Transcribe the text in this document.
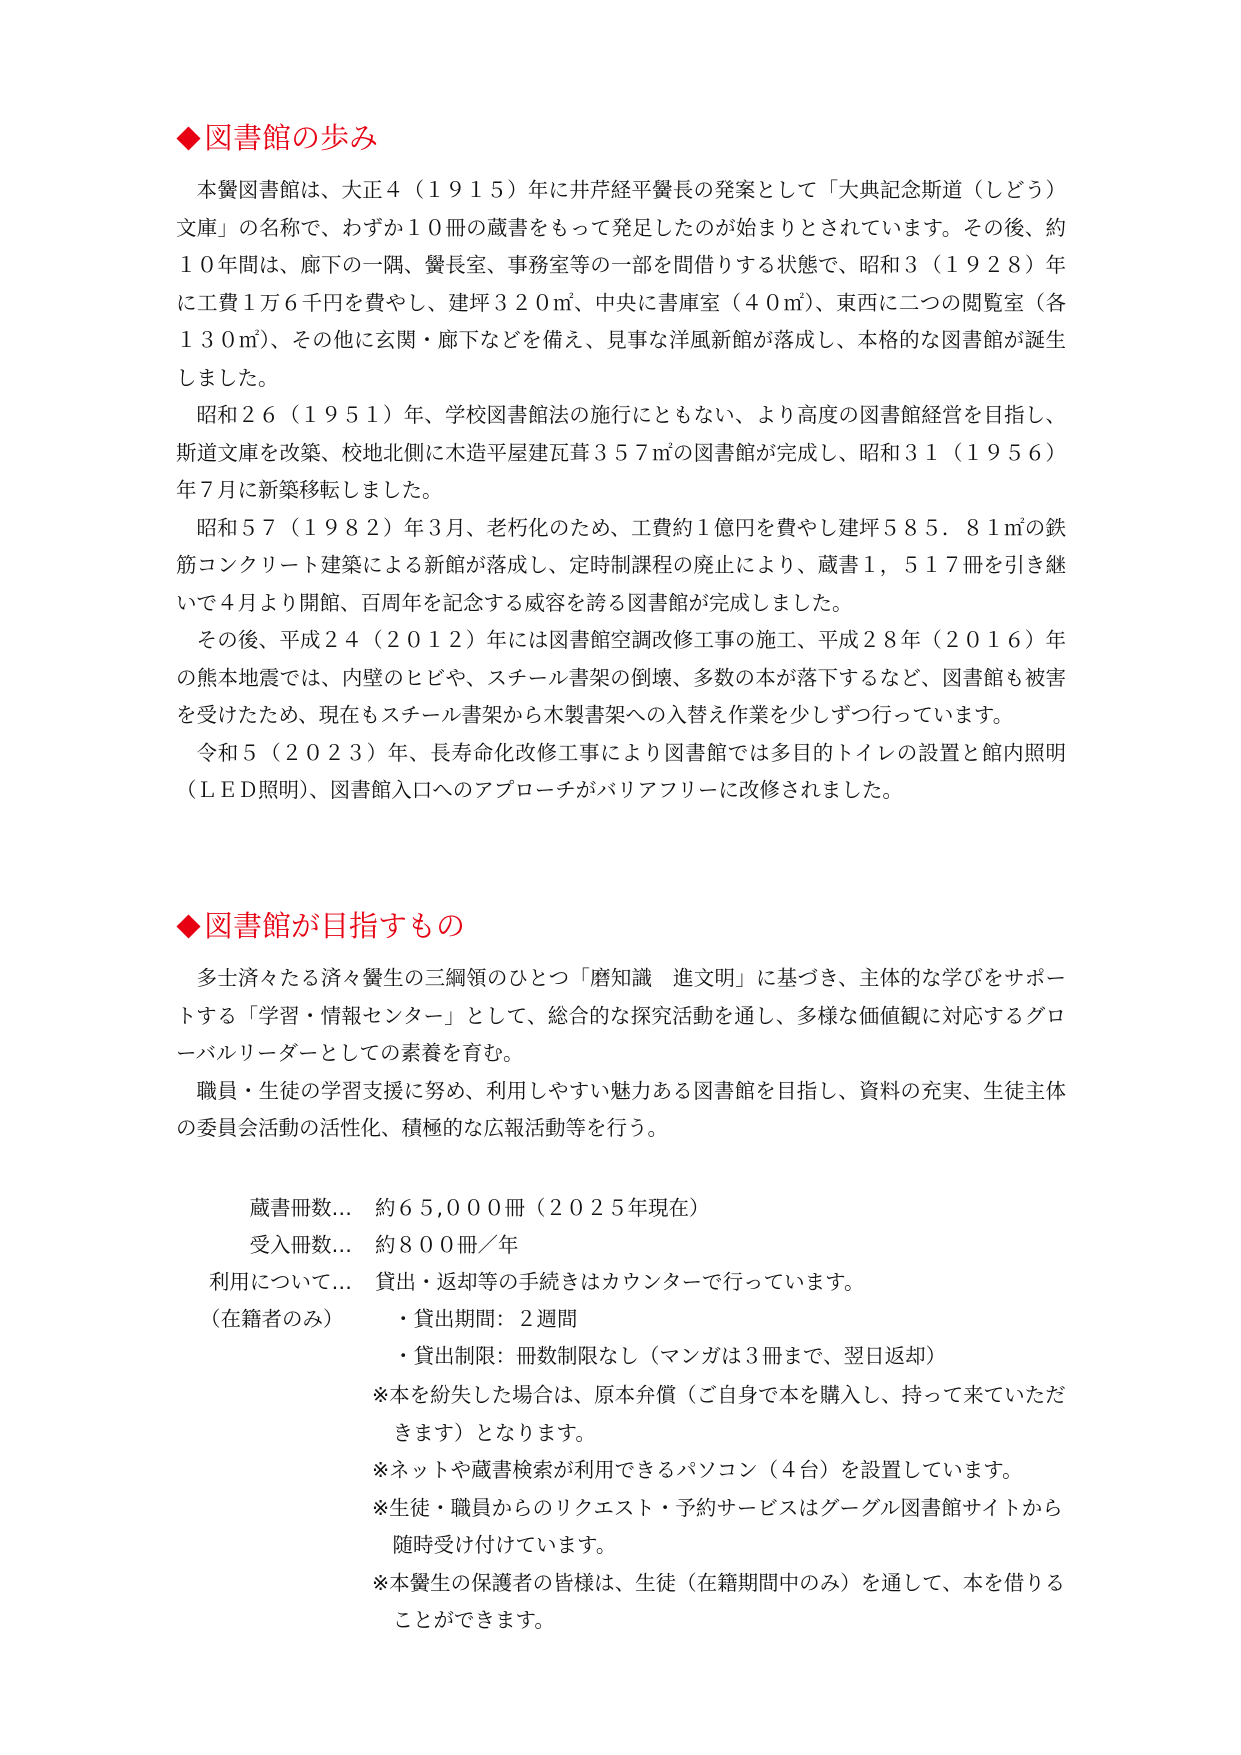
図書館の歩み

本黌図書館は、大正４（１９１５）年に井芹経平黌長の発案として「大典記念斯道（しどう）文庫」の名称で、わずか１０冊の蔵書をもって発足したのが始まりとされています。その後、約１０年間は、廊下の一隅、黌長室、事務室等の一部を間借りする状態で、昭和３（１９２８）年に工費１万６千円を費やし、建坪３２０㎡、中央に書庫室（４０㎡）、東西に二つの閲覧室（各１３０㎡）、その他に玄関・廊下などを備え、見事な洋風新館が落成し、本格的な図書館が誕生しました。

昭和２６（１９５１）年、学校図書館法の施行にともない、より高度の図書館経営を目指し、斯道文庫を改築、校地北側に木造平屋建瓦葺３５７㎡の図書館が完成し、昭和３１（１９５６）年７月に新築移転しました。

昭和５７（１９８２）年３月、老朽化のため、工費約１億円を費やし建坪５８５．８１㎡の鉄筋コンクリート建築による新館が落成し、定時制課程の廃止により、蔵書１，５１７冊を引き継いで４月より開館、百周年を記念する威容を誇る図書館が完成しました。

その後、平成２４（２０１２）年には図書館空調改修工事の施工、平成２８年（２０１６）年の熊本地震では、内壁のヒビや、スチール書架の倒壊、多数の本が落下するなど、図書館も被害を受けたため、現在もスチール書架から木製書架への入替え作業を少しずつ行っています。

令和５（２０２３）年、長寿命化改修工事により図書館では多目的トイレの設置と館内照明（ＬＥＤ照明）、図書館入口へのアプローチがバリアフリーに改修されました。

図書館が目指すもの

多士済々たる済々黌生の三綱領のひとつ「磨知識　進文明」に基づき、主体的な学びをサポートする「学習・情報センター」として、総合的な探究活動を通し、多様な価値観に対応するグローバルリーダーとしての素養を育む。

職員・生徒の学習支援に努め、利用しやすい魅力ある図書館を目指し、資料の充実、生徒主体の委員会活動の活性化、積極的な広報活動等を行う。

蔵書冊数… 約６５,０００冊（２０２５年現在）
受入冊数… 約８００冊／年
利用について… 貸出・返却等の手続きはカウンターで行っています。
（在籍者のみ） ・貸出期間：２週間
・貸出制限：冊数制限なし（マンガは３冊まで、翌日返却）

※本を紛失した場合は、原本弁償（ご自身で本を購入し、持って来ていただきます）となります。

※ネットや蔵書検索が利用できるパソコン（４台）を設置しています。

※生徒・職員からのリクエスト・予約サービスはグーグル図書館サイトから随時受け付けています。

※本黌生の保護者の皆様は、生徒（在籍期間中のみ）を通して、本を借りることができます。
